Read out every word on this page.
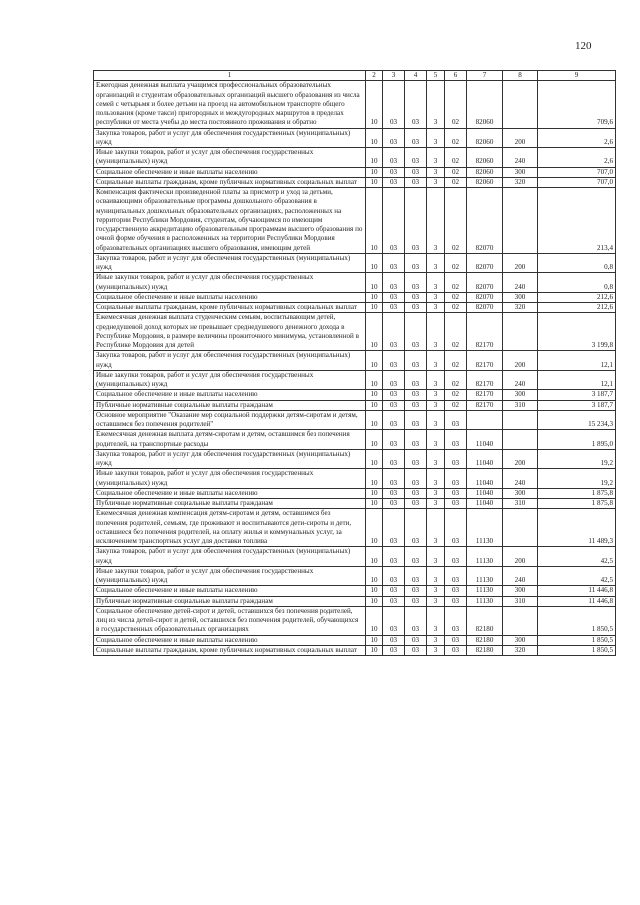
120
1	2	3	4	5	6	7	8	9
Ежегодная денежная выплата учащимся профессиональных образовательных организаций и студентам образовательных организаций высшего образования из числа семей с четырьмя и более детьми на проезд на автомобильном транспорте общего пользования (кроме такси) пригородных и междугородных маршрутов в пределах республики от места учебы до места постоянного проживания и обратно	10	03	03	3	02	82060		709,6
Закупка товаров, работ и услуг для обеспечения государственных (муниципальных) нужд	10	03	03	3	02	82060	200	2,6
Иные закупки товаров, работ и услуг для обеспечения государственных (муниципальных) нужд	10	03	03	3	02	82060	240	2,6
Социальное обеспечение и иные выплаты населению	10	03	03	3	02	82060	300	707,0
Социальные выплаты гражданам, кроме публичных нормативных социальных выплат	10	03	03	3	02	82060	320	707,0
Компенсация фактически произведенной платы за присмотр и уход за детьми, осваивающими образовательные программы дошкольного образования в муниципальных дошкольных образовательных организациях, расположенных на территории Республики Мордовия, студентам, обучающимся по имеющим государственную аккредитацию образовательным программам высшего образования по очной форме обучения в расположенных на территории Республики Мордовия образовательных организациях высшего образования, имеющим детей	10	03	03	3	02	82070		213,4
Закупка товаров, работ и услуг для обеспечения государственных (муниципальных) нужд	10	03	03	3	02	82070	200	0,8
Иные закупки товаров, работ и услуг для обеспечения государственных (муниципальных) нужд	10	03	03	3	02	82070	240	0,8
Социальное обеспечение и иные выплаты населению	10	03	03	3	02	82070	300	212,6
Социальные выплаты гражданам, кроме публичных нормативных социальных выплат	10	03	03	3	02	82070	320	212,6
Ежемесячная денежная выплата студенческим семьям, воспитывающим детей, среднедушевой доход которых не превышает среднедушевого денежного дохода в Республике Мордовия, в размере величины прожиточного минимума, установленной в Республике Мордовия для детей	10	03	03	3	02	82170		3 199,8
Закупка товаров, работ и услуг для обеспечения государственных (муниципальных) нужд	10	03	03	3	02	82170	200	12,1
Иные закупки товаров, работ и услуг для обеспечения государственных (муниципальных) нужд	10	03	03	3	02	82170	240	12,1
Социальное обеспечение и иные выплаты населению	10	03	03	3	02	82170	300	3 187,7
Публичные нормативные социальные выплаты гражданам	10	03	03	3	02	82170	310	3 187,7
Основное мероприятие "Оказание мер социальной поддержки детям-сиротам и детям, оставшимся без попечения родителей"	10	03	03	3	03			15 234,3
Ежемесячная денежная выплата детям-сиротам и детям, оставшимся без попечения родителей, на транспортные расходы	10	03	03	3	03	11040		1 895,0
Закупка товаров, работ и услуг для обеспечения государственных (муниципальных) нужд	10	03	03	3	03	11040	200	19,2
Иные закупки товаров, работ и услуг для обеспечения государственных (муниципальных) нужд	10	03	03	3	03	11040	240	19,2
Социальное обеспечение и иные выплаты населению	10	03	03	3	03	11040	300	1 875,8
Публичные нормативные социальные выплаты гражданам	10	03	03	3	03	11040	310	1 875,8
Ежемесячная денежная компенсация детям-сиротам и детям, оставшимся без попечения родителей, семьям, где проживают и воспитываются дети-сироты и дети, оставшиеся без попечения родителей, на оплату жилья и коммунальных услуг, за исключением транспортных услуг для доставки топлива	10	03	03	3	03	11130		11 489,3
Закупка товаров, работ и услуг для обеспечения государственных (муниципальных) нужд	10	03	03	3	03	11130	200	42,5
Иные закупки товаров, работ и услуг для обеспечения государственных (муниципальных) нужд	10	03	03	3	03	11130	240	42,5
Социальное обеспечение и иные выплаты населению	10	03	03	3	03	11130	300	11 446,8
Публичные нормативные социальные выплаты гражданам	10	03	03	3	03	11130	310	11 446,8
Социальное обеспечение детей-сирот и детей, оставшихся без попечения родителей, лиц из числа детей-сирот и детей, оставшихся без попечения родителей, обучающихся в государственных образовательных организациях	10	03	03	3	03	82180		1 850,5
Социальное обеспечение и иные выплаты населению	10	03	03	3	03	82180	300	1 850,5
Социальные выплаты гражданам, кроме публичных нормативных социальных выплат	10	03	03	3	03	82180	320	1 850,5
